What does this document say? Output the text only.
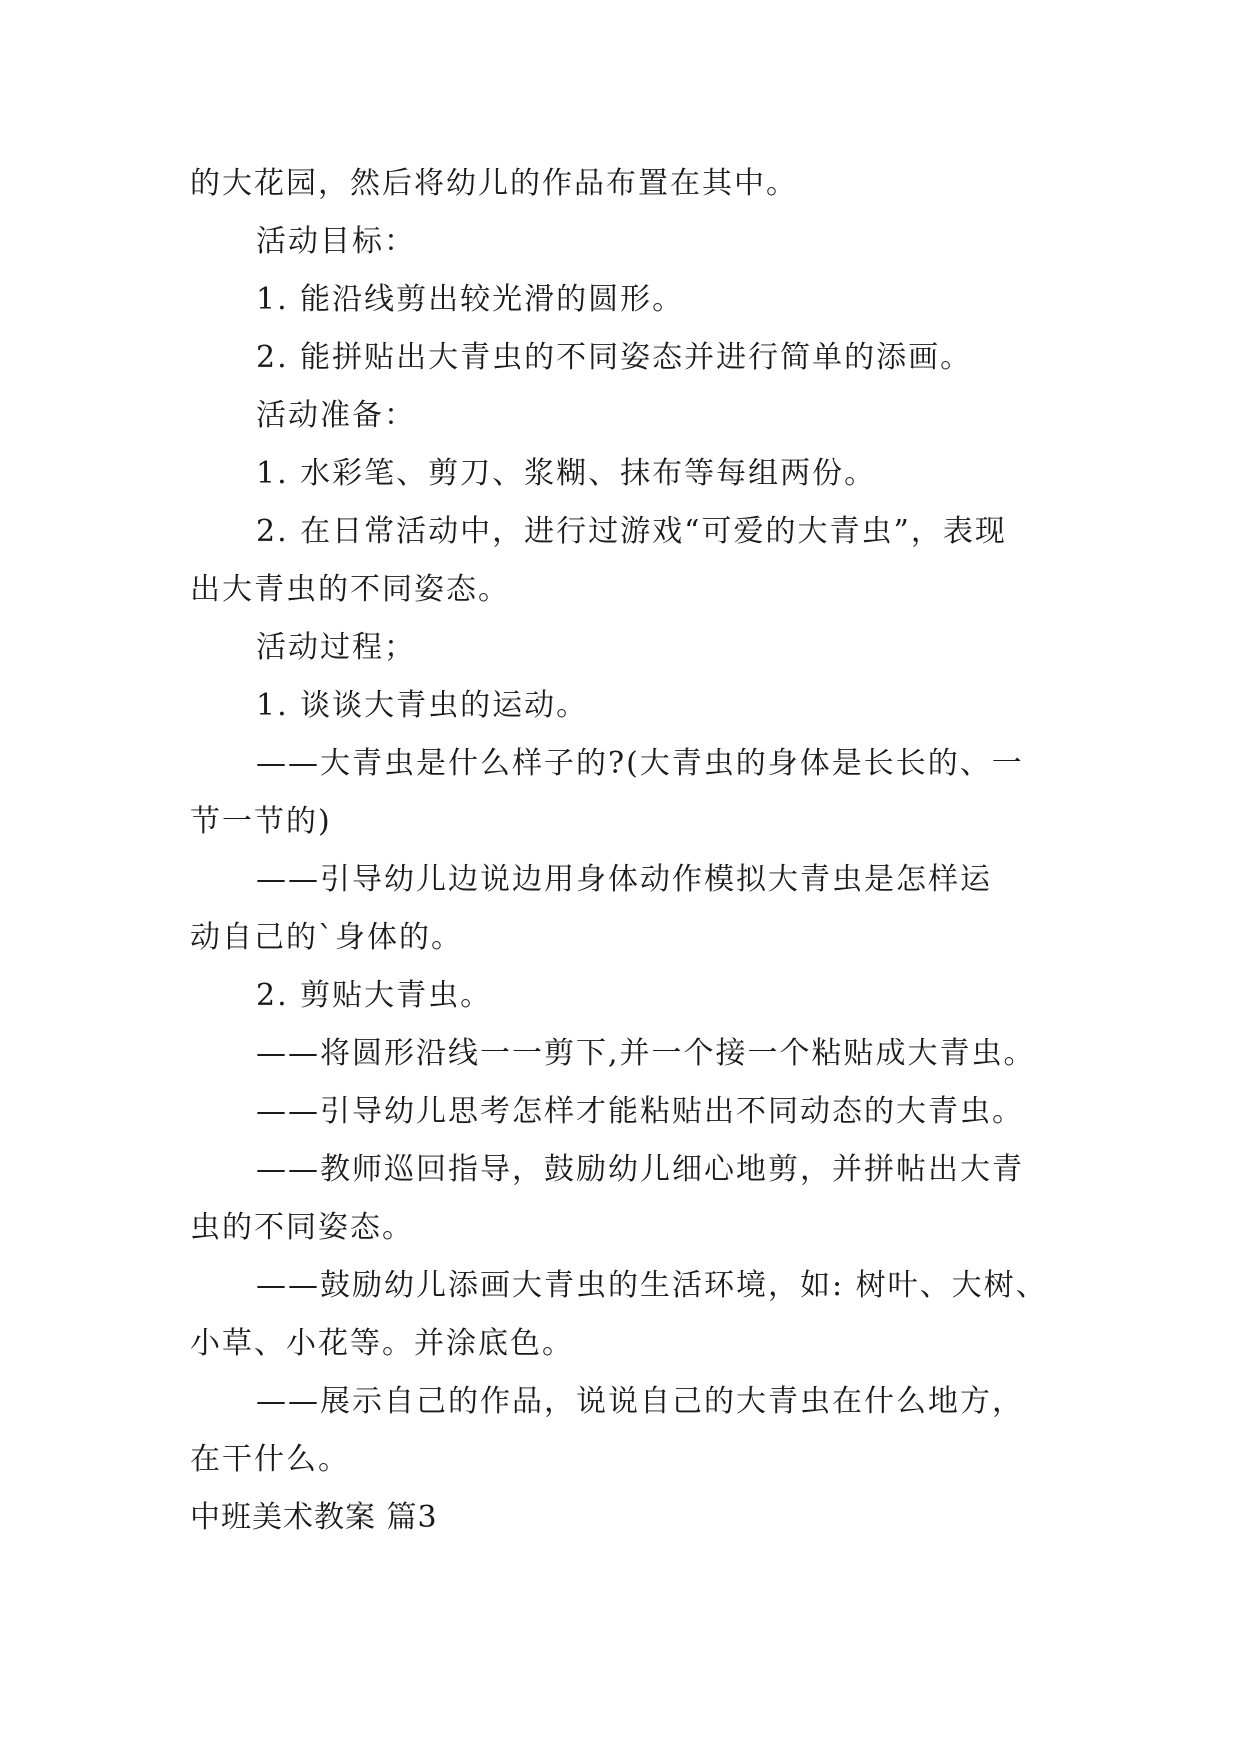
的大花园，然后将幼儿的作品布置在其中。
活动目标：
1. 能沿线剪出较光滑的圆形。
2. 能拼贴出大青虫的不同姿态并进行简单的添画。
活动准备：
1. 水彩笔、剪刀、浆糊、抹布等每组两份。
2. 在日常活动中，进行过游戏“可爱的大青虫”，表现
出大青虫的不同姿态。
活动过程；
1. 谈谈大青虫的运动。
——大青虫是什么样子的?(大青虫的身体是长长的、一
节一节的)
——引导幼儿边说边用身体动作模拟大青虫是怎样运
动自己的`身体的。
2. 剪贴大青虫。
——将圆形沿线一一剪下,并一个接一个粘贴成大青虫。
——引导幼儿思考怎样才能粘贴出不同动态的大青虫。
——教师巡回指导，鼓励幼儿细心地剪，并拼帖出大青
虫的不同姿态。
——鼓励幼儿添画大青虫的生活环境，如: 树叶、大树、
小草、小花等。并涂底色。
——展示自己的作品，说说自己的大青虫在什么地方，
在干什么。
中班美术教案 篇3
